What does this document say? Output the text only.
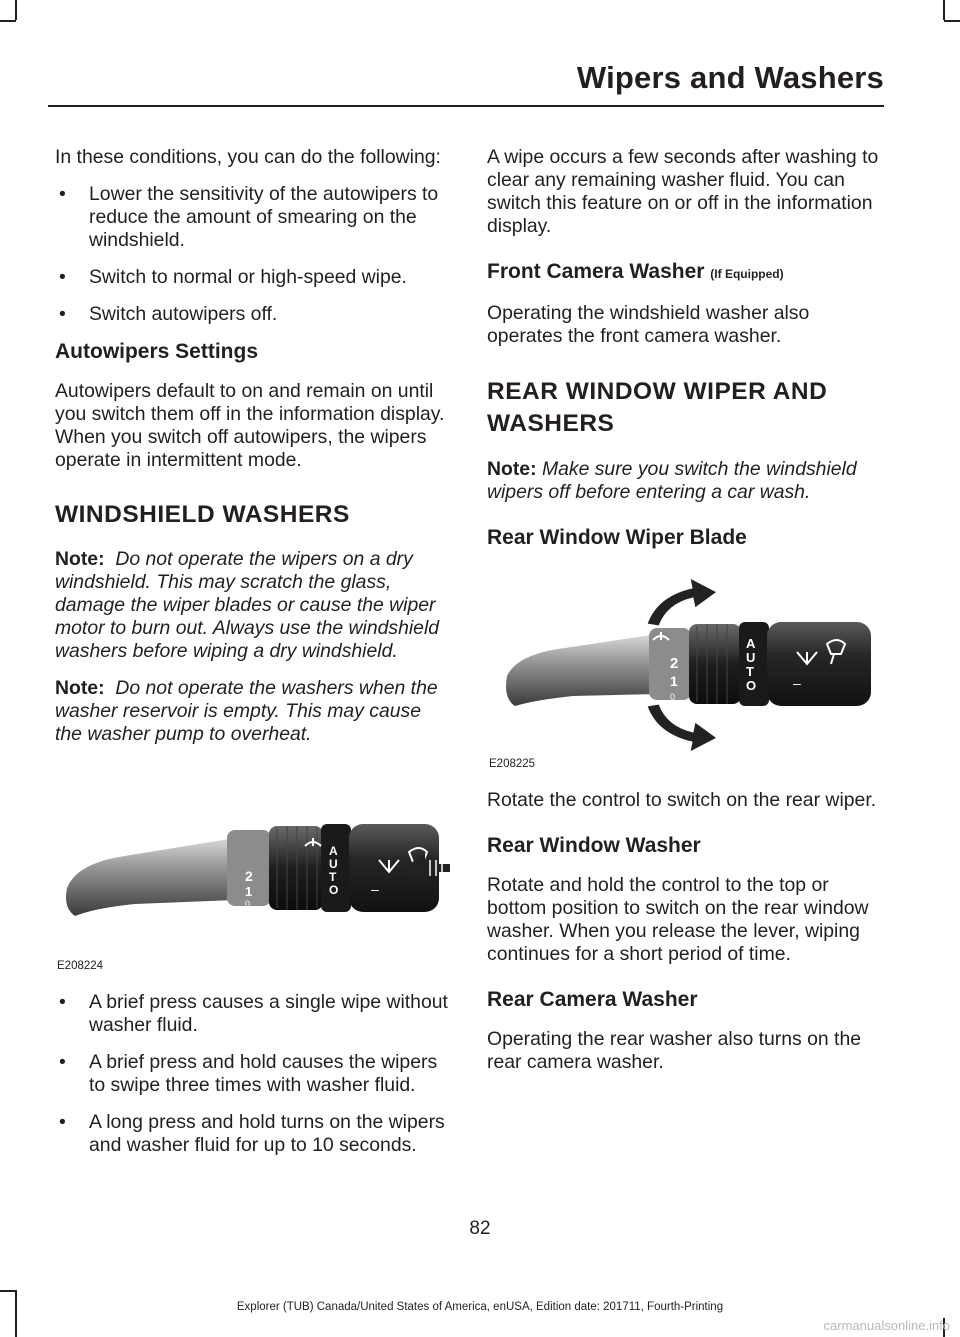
Wipers and Washers

In these conditions, you can do the following:

• Lower the sensitivity of the autowipers to reduce the amount of smearing on the windshield.
• Switch to normal or high-speed wipe.
• Switch autowipers off.
Autowipers Settings

Autowipers default to on and remain on until you switch them off in the information display. When you switch off autowipers, the wipers operate in intermittent mode.

WINDSHIELD WASHERS

Note: Do not operate the wipers on a dry windshield. This may scratch the glass, damage the wiper blades or cause the wiper motor to burn out. Always use the windshield washers before wiping a dry windshield.

Note: Do not operate the washers when the washer reservoir is empty. This may cause the washer pump to overheat.

2
1
0
A
U
T
O –
E208224
• A brief press causes a single wipe without washer fluid.
• A brief press and hold causes the wipers to swipe three times with washer fluid.
• A long press and hold turns on the wipers and washer fluid for up to 10 seconds.

A wipe occurs a few seconds after washing to clear any remaining washer fluid. You can switch this feature on or off in the information display.

Front Camera Washer (If Equipped)

Operating the windshield washer also operates the front camera washer.

REAR WINDOW WIPER AND
WASHERS

Note: Make sure you switch the windshield wipers off before entering a car wash.

Rear Window Wiper Blade
2
1
0
A
U
T
O	–
E208225

Rotate the control to switch on the rear wiper.

Rear Window Washer

Rotate and hold the control to the top or bottom position to switch on the rear window washer. When you release the lever, wiping continues for a short period of time.

Rear Camera Washer

Operating the rear washer also turns on the rear camera washer.

82
Explorer (TUB) Canada/United States of America, enUSA, Edition date: 201711, Fourth-Printing
carmanualsonline.info
